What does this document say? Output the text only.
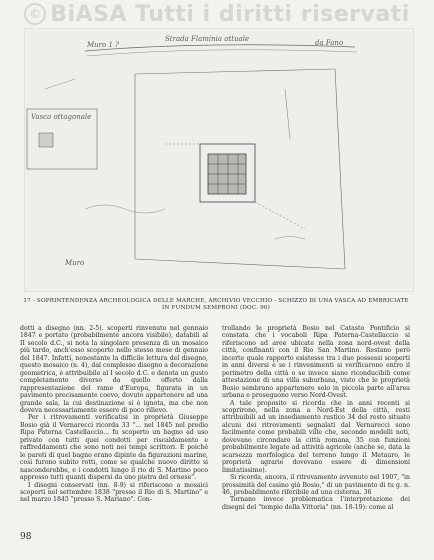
© BiASA Tutti i diritti riservati
Muro 1 ?
Strada Flaminia attuale	da Fano
Vasca ottagonale
Muro
17 - SOPRINTENDENZA ARCHEOLOGICA DELLE MARCHE, ARCHIVIO VECCHIO - SCHIZZO DI UNA VASCA AD EMBRICIATE IN FUNDUM SEMPRONI (DOC. 90)

dotti a disegno (nn. 2-5). scoperti rinvenuto nel gennaio 1847 e portato (probabilmente ancora visibile), databili al II secolo d.C., si nota la singolare presenza di un mosaico più tardo, anch'esso scoperto nello stesso mese di gennaio del 1847. Infatti, nonostante la difficile lettura del disegno, questo mosaico (n. 4), dal complesso disegno a decorazione geometrica, è attribuibile al I secolo d.C. e denota un gusto completamente diverso da quello offerto dalla rappresentazione del rame d'Europa, figurata in un pavimento precisamente coevo, dovuto appartenere ad una grande sala, la cui destinazione si è ignota, ma che non doveva necessariamente essere di poco rilievo.

Per i ritrovamenti verificatisi in proprietà Giuseppe Bosio già il Vernarecci ricorda 33 "... nel 1845 nel predio Ripa Paterna Castellaccio... fu scoperto un bagno ad uso privato con tutti quei condotti per riscaldamento e raffreddamenti che sono noti nei tempi scrittori. E poiché le pareti di quel bagno erano dipinte da figurazioni marine, così furono subito rotti, come se qualche nuovo diritto si nasconderebbe, e i condotti lungo il rio di S. Martino poco appresso tutti quanti dispersi da uno pietra del ornese".

I disegni conservati (nn. 8-9) si riferiscono a mosaici scoperti nel settembre 1838 "presso il Rio di S. Martino" e nel marzo 1845 "presso S. Mariano". Con-

trollando le proprietà Bosio nel Catasto Pontificio si constata che i vocaboli Ripa Paterna-Castellaccio si riferiscono ad aree ubicate nella zona nord-ovest della città, confinanti con il Rio San Martino. Restano però incerte quale rapporto esistesse tra i due possessi scoperti in anni diversi e se i rinvenimenti si verificarono entro il perimetro della città o se invece siano riconducibili come attestazione di una villa suburbana, visto che le proprietà Bosio sembrano appartenere solo in piccola parte all'area urbana e proseguono verso Nord-Ovest.

A tale proposito si ricorda che in anni recenti si scoprirono, nella zona a Nord-Est della città, resti attribuibili ad un insediamento rustico 34 del resto situato alcuni dei ritrovamenti segnalati dal Vernarecci sono facilmente come probabili ville che, secondo modelli noti, dovevano circondare la città romana, 35 con funzioni probabilmente legate ad attività agricole (anche se, data la scarsezza morfologica del terreno lungo il Metauro, le proprietà agrarie dovevano essere di dimensioni limitatissime).

Si ricorda, ancora, il ritrovamento avvenuto nel 1907, "in prossimità del casino già Bosio," di un pavimento di tu g. n. 46, probabilmente riferibile ad una cisterna. 36

Tornano invece problematica l'interpretazione dei disegni del "tempio della Vittoria" (nn. 18-19): come al

98
